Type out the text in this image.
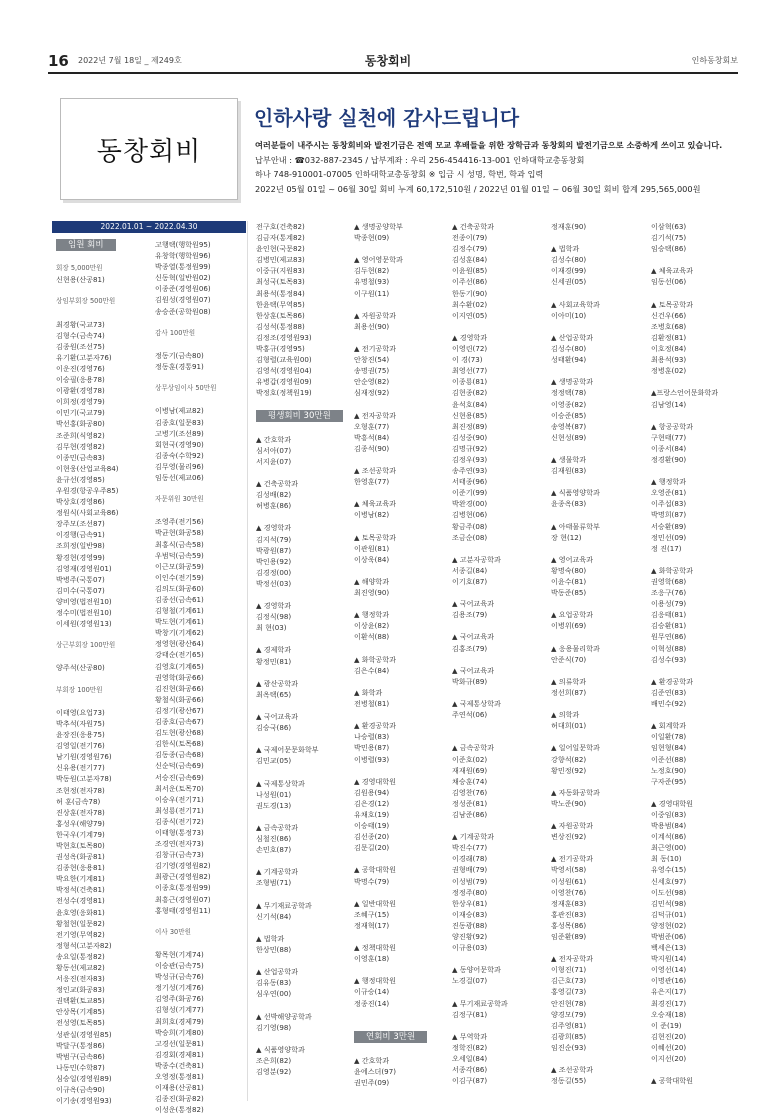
16 2022년 7월 18일 _ 제249호	동창회비	인하동창회보
동창회비
인하사랑 실천에 감사드립니다
여러분들이 내주시는 동창회비와 발전기금은 전액 모교 후배들을 위한 장학금과 동창회의 발전기금으로 소중하게 쓰이고 있습니다.
납부안내 : ☎032-887-2345 / 납부계좌 : 우리 256-454416-13-001 인하대학교총동창회
하나 748-910001-07005 인하대학교총동창회 ※ 입금 시 성명, 학번, 학과 입력
2022년 05월 01일 ~ 06월 30일 회비 누계 60,172,510원 / 2022년 01월 01일 ~ 06월 30일 회비 합계 295,565,000원
2022.01.01 ~ 2022.04.30
임원 회비
회장 5,000만원
신현용(산공81)
상임부회장 500만원
최경황(국교73)
김형수(금속74)
김종원(조선75)
유기환(고분자76)
이운진(경영76)
이승필(응용78)
이광환(경영78)
이희정(경영79)
이민기(국교79)
박선홍(화공80)
조준희(식영82)
김무현(경영82)
이종민(금속83)
이현웅(산업교육84)
윤규선(경영85)
우원경(항공우주85)
박상호(경영86)
정원식(사회교육86)
장주모(조선87)
이경행(금속91)
조희정(일반98)
황경현(경영99)
김영재(경영원01)
박병주(국통07)
김미수(국통07)
양비영(법전원10)
정수미(법전원10)
이세원(경영원13)
상근부회장 100만원
양주석(산공80)
부회장 100만원
이태영(요업73)
박추석(자원75)
윤장진(응용75)
김영일(전기76)
남기원(경영원76)
신유용(전기77)
박동원(고분자78)
조현정(전자78)
허 훈(금속78)
진상훈(전자78)
홍성우(해양79)
한국우(기계79)
박현호(토목80)
권성옥(화공81)
김종현(응용81)
박요한(기계81)
박정석(건축81)
전성수(경영81)
윤호영(응화81)
황철현(일문82)
전기영(무역82)
정형석(고분자82)
송요일(통정82)
황동선(제교82)
서응진(전자83)
정인교(화공83)
권택환(토교85)
안상목(기계85)
전성영(토목85)
성관실(경영원85)
박달구(통정86)
박범구(금속86)
나동민(수학87)
심승일(경영원89)
이규옥(금속90)
이기송(경영원93)
고행택(행학원95)
유창학(행학원96)
박종열(통정원99)
신동혁(일반원02)
이종준(경영원06)
김원성(경영원07)
송승준(공학원08)
감사 100만원
정동기(금속80)
정동훈(경통91)
상무상임이사 50만원
이병남(제교82)
김종호(일문83)
고병기(조선89)
회현국(경영90)
김종숙(수학92)
김무영(물리96)
임동선(제교06)
자문위원 30만원
조영주(전기56)
박균현(화공58)
최홍식(금속58)
우범덕(금속59)
이근모(화공59)
이인수(전기59)
김의도(화공60)
김종선(금속61)
김형철(기계61)
박도현(기계61)
박창기(기계62)
정영현(광산64)
강태순(전기65)
김영호(기계65)
권영학(화공66)
김진현(화공66)
황철식(화공66)
김정기(광산67)
김종호(금속67)
김도현(광산68)
김한식(토목68)
김동종(금속68)
신순덕(금속69)
서승진(금속69)
최서운(토목70)
이승우(전기71)
최성룡(전기71)
김종식(전기72)
이태형(통정73)
조경연(전자73)
김창규(금속73)
김기영(경영원82)
최광근(경영원82)
이종호(통정원99)
최흥근(경영원07)
홍형태(경영원11)
이사 30만원
황목현(기계74)
이승관(금속75)
박성규(금속76)
정기성(기계76)
김영주(화공76)
김형성(기계77)
최희호(경제79)
박승희(기계80)
고경선(일문81)
김경회(경제81)
박종수(건축81)
오영정(통정81)
이재용(산공81)
김종진(화공82)
이성운(통정82)
전구호(건축82)
김금자(통계82)
윤인현(국문82)
김병민(제교83)
이중규(지원83)
최성국(토목83)
최용석(통정84)
한윤택(무역85)
한상훈(토목86)
김성석(통정88)
김정조(경영원93)
박홍규(경영95)
김형렬(교육원00)
김영석(경영원04)
유병갑(경영원09)
박정호(정책원19)
평생회비 30만원
▲ 간호학과
심서아(07)
서지윤(07)
▲ 건축공학과
김성배(82)
허병훈(86)
▲ 경영학과
김지석(79)
박광원(87)
박인용(92)
김경정(00)
박정선(03)
▲ 경영학과
김정식(98)
최 현(03)
▲ 경제학과
황정민(81)
▲ 광산공학과
최옥택(65)
▲ 국어교육과
김승국(86)
▲ 국제어문문화학부
김민교(05)
▲ 국제통상학과
나성원(01)
권도경(13)
▲ 금속공학과
심철진(86)
손민호(87)
▲ 기계공학과
조형범(71)
▲ 무기재료공학과
신기석(84)
▲ 법학과
한상민(88)
▲ 산업공학과
김유동(83)
심우연(00)
▲ 선박해양공학과
김기영(98)
▲ 식품영양학과
조은희(82)
김영분(92)
▲ 생명공양학부
박종현(09)
▲ 영어영문학과
김두현(82)
유명철(93)
이구원(11)
▲ 자원공학과
최용선(90)
▲ 전기공학과
안창진(54)
송명권(75)
안순영(82)
심재정(92)
▲ 전자공학과
오형훈(77)
박흥석(84)
김종석(90)
▲ 조선공학과
한영훈(77)
▲ 체육교육과
이병남(82)
▲ 토목공학과
이관원(81)
이상욱(84)
▲ 해양학과
최진영(90)
▲ 행정학과
이상윤(82)
이환석(88)
▲ 화학공학과
김은수(84)
▲ 화학과
전병철(81)
▲ 환경공학과
나승렬(83)
박민용(87)
이병렬(93)
▲ 경영대학원
김원용(94)
김은경(12)
유채호(19)
이승태(19)
김선종(20)
김문길(20)
▲ 공학대학원
박명수(79)
▲ 일반대학원
조혜구(15)
정재혁(17)
▲ 정책대학원
이영훈(18)
▲ 행정대학원
이규승(14)
정종진(14)
연회비 3만원
▲ 간호학과
윤에스더(97)
권민주(09)
▲ 건축공학과
전종이(79)
김정수(79)
김성훈(84)
이윤원(85)
이주선(86)
한동기(90)
최수환(02)
이지연(05)
▲ 경영학과
이영린(72)
이 경(73)
최영선(77)
이종룡(81)
김현종(82)
윤석호(84)
신현용(85)
최진정(89)
김성중(90)
김명규(92)
김정우(93)
송주연(93)
서태종(96)
이준기(99)
박완경(00)
김병현(06)
황금주(08)
조금순(08)
▲ 고분자공학과
서종길(84)
이기호(87)
▲ 국어교육과
김용조(79)
▲ 국어교육과
김홍조(79)
▲ 국어교육과
박화규(89)
▲ 국제통상학과
주연석(06)
▲ 금속공학과
이준호(02)
재재원(69)
채승훈(74)
김영찬(76)
정성준(81)
김남준(86)
▲ 기계공학과
박진수(77)
이경래(78)
권형배(79)
이성범(79)
정정주(80)
한상우(81)
이재승(83)
진동광(88)
양진황(92)
이규용(03)
▲ 동양어문학과
노경걸(07)
▲ 무기재료공학과
김정구(81)
▲ 무역학과
정학진(82)
오세일(84)
서종각(86)
이김구(87)
정재훈(90)
▲ 법학과
김성수(80)
이재경(99)
신세권(05)
▲ 사회교육학과
이아미(10)
▲ 산업공학과
김성수(80)
성태환(94)
▲ 생명공학과
정정택(78)
이영종(82)
이승준(85)
송영복(87)
신현성(89)
▲ 생물학과
김재원(83)
▲ 식품영양학과
윤종옥(83)
▲ 아태물류학부
장 현(12)
▲ 영어교육과
황명숙(80)
이윤수(81)
박동준(85)
▲ 요업공학과
이병위(69)
▲ 응용물리학과
안준식(70)
▲ 의류학과
정선희(87)
▲ 의학과
허대희(01)
▲ 일어일문학과
강향석(82)
황민정(92)
▲ 자동화공학과
박노준(90)
▲ 자원공학과
변상진(92)
▲ 전기공학과
박영서(58)
이성원(61)
이영찬(76)
정재훈(83)
홍관진(83)
홍성목(86)
임준환(89)
▲ 전자공학과
이형진(71)
김근호(73)
홍영길(73)
안진현(78)
양경모(79)
김주영(81)
김광희(85)
임진순(93)
▲ 조선공학과
정동길(55)
이삼혁(63)
김기석(75)
임승택(86)
▲ 체육교육과
임동선(06)
▲ 토목공학과
신건우(66)
조병호(68)
김환정(81)
이호정(84)
최용석(93)
정병훈(02)
▲프랑스언어문화학과
김남영(14)
▲ 항공공학과
구현태(77)
이종서(84)
정경환(90)
▲ 행정학과
오영준(81)
이주섭(83)
박명희(87)
서승환(89)
정민선(09)
정 진(17)
▲ 화학공학과
권영학(68)
조응구(76)
이용성(79)
김응태(81)
김승환(81)
원무연(86)
이혁성(88)
김성수(93)
▲ 환경공학과
김준연(83)
배민수(92)
▲ 회계학과
이일환(78)
임현형(84)
이준선(88)
노정호(90)
구자준(95)
▲ 경영대학원
이중임(83)
박용범(84)
이계석(86)
최근영(00)
최 동(10)
유영수(15)
신세호(97)
이도선(98)
김민석(98)
김덕규(01)
양정현(02)
박범준(06)
백세은(13)
박지원(14)
이영선(14)
이명관(16)
유은지(17)
최경진(17)
오승재(18)
이 준(19)
김현진(20)
이혜선(20)
이지선(20)
▲ 공학대학원
